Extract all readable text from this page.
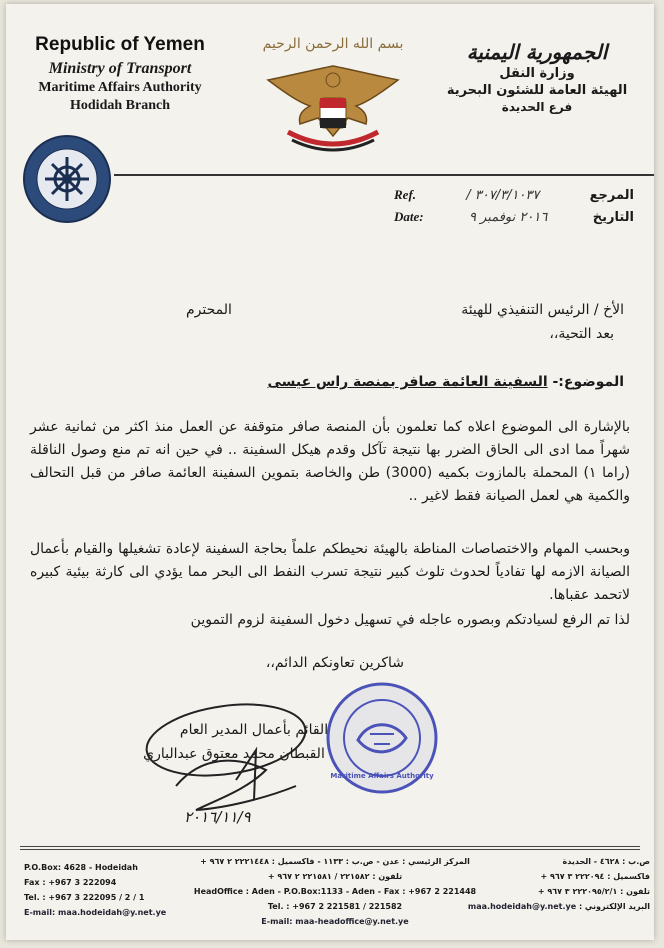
Republic of Yemen
Ministry of Transport
Maritime Affairs Authority
Hodidah Branch
الجمهورية اليمنية
وزارة النقل
الهيئة العامة للشئون البحرية
فرع الحديدة
بسم الله الرحمن الرحيم
Ref.	/ ٣٠٧/٣/١٠٣٧	المرجع
Date:	٢٠١٦ نوفمبر ٩	التاريخ
الأخ / الرئيس التنفيذي للهيئة
المحترم
بعد التحية،،
الموضوع:- السفينة العائمة صافر بمنصة راس عيسى
بالإشارة الى الموضوع اعلاه كما تعلمون بأن المنصة صافر متوقفة عن العمل منذ اكثر من ثمانية عشر شهراً مما ادى الى الحاق الضرر بها نتيجة تآكل وقدم هيكل السفينة .. في حين انه تم منع وصول الناقلة (راما ١) المحملة بالمازوت بكميه (3000) طن والخاصة بتموين السفينة العائمة صافر من قبل التحالف والكمية هي لعمل الصيانة فقط لاغير ..
وبحسب المهام والاختصاصات المناطة بالهيئة نحيطكم علماً بحاجة السفينة لإعادة تشغيلها والقيام بأعمال الصيانة الازمه لها تفادياً لحدوث تلوث كبير نتيجة تسرب النفط الى البحر مما يؤدي الى كارثة بيئية كبيره لاتحمد عقباها.
لذا تم الرفع لسيادتكم وبصوره عاجله في تسهيل دخول السفينة لزوم التموين
شاكرين تعاونكم الدائم،،
القائم بأعمال المدير العام
القبطان محمد معتوق عبدالباري
٢٠١٦/١١/٩
Maritime Affairs Authority
P.O.Box: 4628 - Hodeidah
Fax : +967 3 222094
Tel. : +967 3 222095 / 2 / 1
E-mail: maa.hodeidah@y.net.ye
المركز الرئيسي : عدن - ص.ب : ١١٣٣ - فاكسميل : ٢٢٢١٤٤٨ ٢ ٩٦٧ +
تلفون : ٢٢١٥٨٢ / ٢٢١٥٨١ ٢ ٩٦٧ +
HeadOffice : Aden - P.O.Box:1133 - Aden - Fax : +967 2 221448
Tel. : +967 2 221581 / 221582
E-mail: maa-headoffice@y.net.ye
ص.ب : ٤٦٢٨ - الحديدة
فاكسميل : ٢٢٢٠٩٤ ٣ ٩٦٧ +
تلفون : ٢٢٢٠٩٥/٢/١ ٣ ٩٦٧ +
البريد الإلكتروني : maa.hodeidah@y.net.ye
